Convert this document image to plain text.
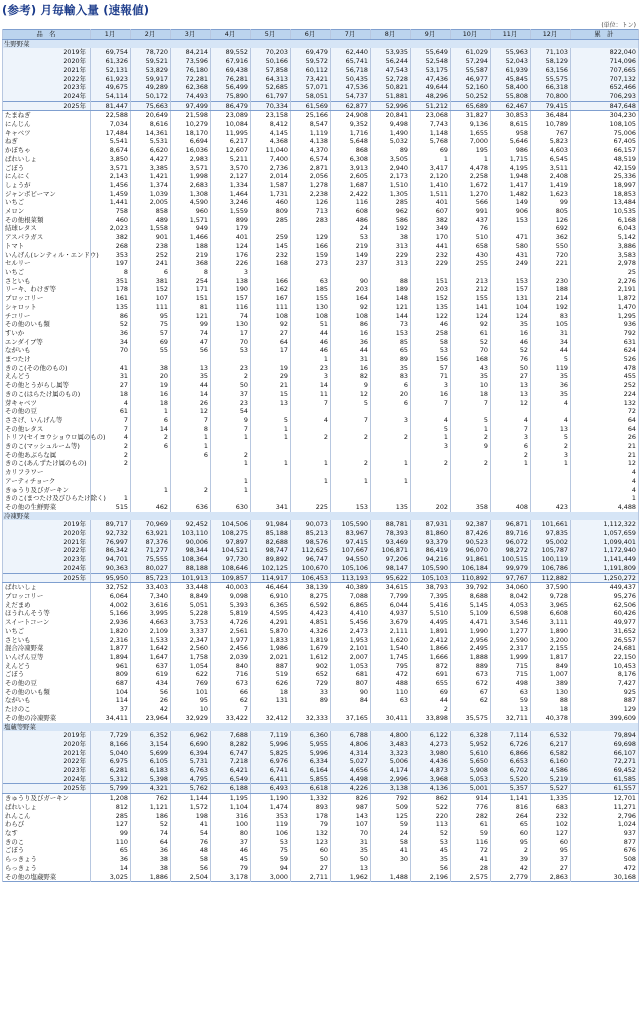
(参考) 月毎輸入量 (速報値)
(単位：トン)
品　名	1月	2月	3月	4月	5月	6月	7月	8月	9月	10月	11月	12月	累　計
生野野菜													
2019年	69,754	78,720	84,214	89,552	70,203	69,479	62,440	53,935	55,649	61,029	55,963	71,103	822,040
2020年	61,326	59,521	73,596	67,916	50,166	59,572	65,741	56,244	52,548	57,294	52,043	58,129	714,096
2021年	52,131	53,829	76,180	69,438	57,858	60,112	56,718	47,543	53,175	55,587	61,939	63,156	707,665
2022年	61,923	59,917	72,281	76,281	64,313	73,421	50,435	52,728	47,436	46,977	45,845	55,575	707,132
2023年	49,675	49,289	62,368	56,499	52,685	57,071	47,536	50,821	49,644	52,160	58,400	66,318	652,466
2024年	54,114	50,172	74,493	75,890	61,797	58,051	54,737	51,881	48,296	50,252	55,808	70,800	706,293
2025年	81,447	75,663	97,499	86,479	70,334	61,569	62,877	52,996	51,212	65,689	62,467	79,415	847,648
たまねぎ	22,588	20,649	21,598	23,089	23,158	25,166	24,908	20,841	23,068	31,827	30,853	36,484	304,230
にんじん	7,034	8,616	10,279	10,084	8,412	8,547	9,352	9,498	7,743	9,136	8,615	10,789	108,105
キャベツ	17,484	14,361	18,170	11,995	4,145	1,119	1,716	1,490	1,148	1,655	958	767	75,006
ねぎ	5,541	5,531	6,694	6,217	4,368	4,138	5,648	5,032	5,768	7,000	5,646	5,823	67,405
かぼちゃ	8,674	6,620	16,036	12,607	11,040	4,370	868	89	69	195	986	4,603	66,157
ばれいしょ	3,850	4,427	2,983	5,211	7,400	6,574	6,308	3,505	1	1	1,715	6,545	48,519
ごぼう	3,571	3,385	3,571	3,570	2,736	2,871	3,913	2,940	3,417	4,478	4,195	3,511	42,159
にんにく	2,143	1,421	1,998	2,127	2,014	2,056	2,605	2,173	2,120	2,258	1,948	2,408	25,336
しょうが	1,456	1,374	2,683	1,334	1,587	1,278	1,687	1,510	1,410	1,672	1,417	1,419	18,997
ジャンボピーマン	1,459	1,039	1,308	1,464	1,731	2,238	2,422	1,305	1,511	1,270	1,482	1,623	18,853
いちご	1,441	2,005	4,590	3,246	460	126	116	285	401	566	149	99	13,484
メロン	758	858	960	1,559	809	713	608	962	607	991	906	805	10,535
その他根菜類	460	489	1,571	899	285	283	486	586	382	437	153	126	6,168
結球レタス	2,023	1,558	949	179			24	192	349	76		692	6,043
アスパラガス	382	901	1,466	401	259	129	53	38	170	510	471	362	5,142
トマト	268	238	188	124	145	166	219	313	441	658	580	550	3,886
いんげん(レンティル・エンドウ)	353	252	219	176	232	159	149	229	232	430	431	720	3,583
セルリー	197	241	368	226	168	273	237	313	229	255	249	221	2,978
いちご	8	6	8	3									25
さといも	351	381	254	138	166	63	90	88	151	213	153	230	2,276
リーキ、わけぎ等	178	152	171	190	162	185	203	189	203	212	157	188	2,191
ブロッコリー	161	107	151	157	167	155	164	148	152	155	131	214	1,872
シャロット	135	111	81	116	111	130	92	121	135	141	104	192	1,470
チコリー	86	95	121	74	108	108	108	144	122	124	124	83	1,295
その他のいも類	52	75	99	130	92	51	86	73	46	92	35	105	936
すいか	36	57	74	17	27	44	16	153	258	61	16	31	792
エンダイブ等	34	69	47	70	64	46	36	85	58	52	46	34	631
ながいも	70	55	56	53	17	46	44	65	53	70	52	44	624
まつたけ						1	31	89	156	168	76	5	526
きのこ(その他のもの)	41	38	13	23	19	23	16	35	57	43	50	119	478
えんどう	31	20	35	2	29	3	82	83	71	35	27	35	455
その他とうがらし属等	27	19	44	50	21	14	9	6	3	10	13	36	252
きのこ(はらたけ属のもの)	18	16	14	37	15	11	12	20	16	18	13	35	224
芽キャベツ	4	18	26	23	13	7	5	6	7	7	12	4	132
その他の豆	61	1	12	54									72
ささげ、いんげん等	7	6	7	9	5	4	7	3	4	5	4	4	64
その他レタス	7	14	8	7	1				5	1	7	13	64
トリフ(セイヨウショウロ属のもの)	4	2	1	1	1	2	2	2	1	2	3	5	26
きのこ(マッシュルーム等)	2	6	1						3	9	6	2	21
その他あぶらな属	2		6	2							2	3	21
きのこ(あんずたけ属のもの)	2			1	1	1	2	1	2	2	1	1	12
カリフラワー													4
アーティチョーク				1		1	1	1					4
きゅうり及びガーキン		1	2	1									4
きのこ(まつたけ及びひらたけ除く)	1												1
その他の生鮮野菜	515	462	636	630	341	225	153	135	202	358	408	423	4,488
冷凍野菜													
2019年	89,717	70,969	92,452	104,506	91,984	90,073	105,590	88,781	87,931	92,387	96,871	101,661	1,112,322
2020年	92,732	63,921	103,110	108,275	85,188	85,213	83,967	78,393	81,860	87,426	89,716	97,835	1,057,659
2021年	76,997	87,376	90,006	97,897	82,688	98,576	97,415	93,469	93,379	90,523	96,072	95,002	1,099,401
2022年	86,342	71,277	98,344	104,521	98,747	112,625	107,667	106,871	86,419	96,070	98,272	105,787	1,172,940
2023年	94,701	75,555	108,364	97,730	89,892	96,747	94,550	97,206	94,216	91,861	100,515	100,119	1,141,449
2024年	90,363	80,027	88,188	108,646	102,125	100,670	105,106	98,147	105,590	106,184	99,979	106,786	1,191,809
2025年	95,950	85,723	101,913	109,857	114,917	106,453	113,193	95,622	105,103	110,892	97,767	112,882	1,250,272
ばれいしょ	32,752	33,403	33,448	40,003	46,464	38,139	40,389	34,615	38,793	39,792	34,060	37,590	449,437
ブロッコリー	6,064	7,340	8,849	9,098	6,910	8,275	7,088	7,799	7,395	8,688	8,042	9,728	95,276
えだまめ	4,002	3,616	5,051	5,393	6,365	6,592	6,865	6,044	5,416	5,145	4,053	3,965	62,506
ほうれんそう等	5,166	3,995	5,228	5,819	4,595	4,423	4,410	4,937	5,510	5,109	6,598	6,608	60,426
スイートコーン	2,936	4,663	3,753	4,726	4,291	4,851	5,456	3,679	4,495	4,471	3,546	3,111	49,977
いちご	1,820	2,109	3,337	2,561	5,870	4,326	2,473	2,111	1,891	1,990	1,277	1,890	31,652
さといも	2,316	1,533	2,347	1,977	1,833	1,819	1,953	1,620	2,412	2,956	2,590	3,200	26,557
混合冷凍野菜	1,877	1,642	2,560	2,456	1,986	1,679	2,101	1,540	1,866	2,495	2,317	2,155	24,681
いんげん豆等	1,894	1,647	1,758	2,039	2,021	1,612	2,007	1,745	1,666	1,888	1,999	1,817	22,150
えんどう	961	637	1,054	840	887	902	1,053	795	872	889	715	849	10,453
ごぼう	809	619	622	716	519	652	681	472	691	673	715	1,007	8,176
その他の豆	687	434	769	673	626	729	807	488	655	672	498	389	7,427
その他のいも類	104	56	101	66	18	33	90	110	69	67	63	130	925
ながいも	114	26	95	62	131	89	84	63	44	62	59	88	887
たけのこ	37	42	10	7					2		13	18	129
その他の冷凍野菜	34,411	23,964	32,929	33,422	32,412	32,333	37,165	30,411	33,898	35,575	32,711	40,378	399,609
塩蔵等野菜													
2019年	7,729	6,352	6,962	7,688	7,119	6,360	6,788	4,800	6,122	6,328	7,114	6,532	79,894
2020年	8,166	3,154	6,690	8,282	5,996	5,955	4,806	3,483	4,273	5,952	6,726	6,217	69,698
2021年	5,040	5,699	6,394	6,747	5,825	5,996	4,314	3,323	3,980	5,610	6,866	6,582	66,107
2022年	6,975	6,105	5,731	7,218	6,976	6,334	5,027	5,006	4,436	5,650	6,653	6,160	72,271
2023年	6,281	6,183	6,763	6,421	6,741	6,164	4,656	4,174	4,873	5,908	6,702	4,586	69,452
2024年	5,312	5,398	4,795	6,549	6,411	5,855	4,498	2,996	3,968	5,053	5,520	5,219	61,585
2025年	5,799	4,321	5,762	6,188	6,493	6,618	4,226	3,138	4,136	5,001	5,357	5,527	61,557
きゅうり及びガーキン	1,208	762	1,144	1,195	1,190	1,332	826	792	862	914	1,141	1,335	12,701
ばれいしょ	812	1,121	1,572	1,104	1,474	893	987	509	522	776	816	683	11,271
れんこん	285	186	198	316	353	178	143	125	220	282	264	232	2,796
わらび	127	52	41	100	119	79	107	59	113	61	65	102	1,024
なす	99	74	54	80	106	132	70	24	52	59	60	127	937
きのこ	110	64	76	37	53	123	31	58	53	116	95	60	877
ごぼう	65	36	48	46	75	60	35	41	45	72	2	95	676
らっきょう	36	38	58	45	59	50	50	30	35	41	39	37	508
らっきょう	14	38	56	79	94	27	13		56	28	42	27	472
その他の塩蔵野菜	3,025	1,886	2,504	3,178	3,000	2,711	1,962	1,488	2,196	2,575	2,779	2,863	30,168
